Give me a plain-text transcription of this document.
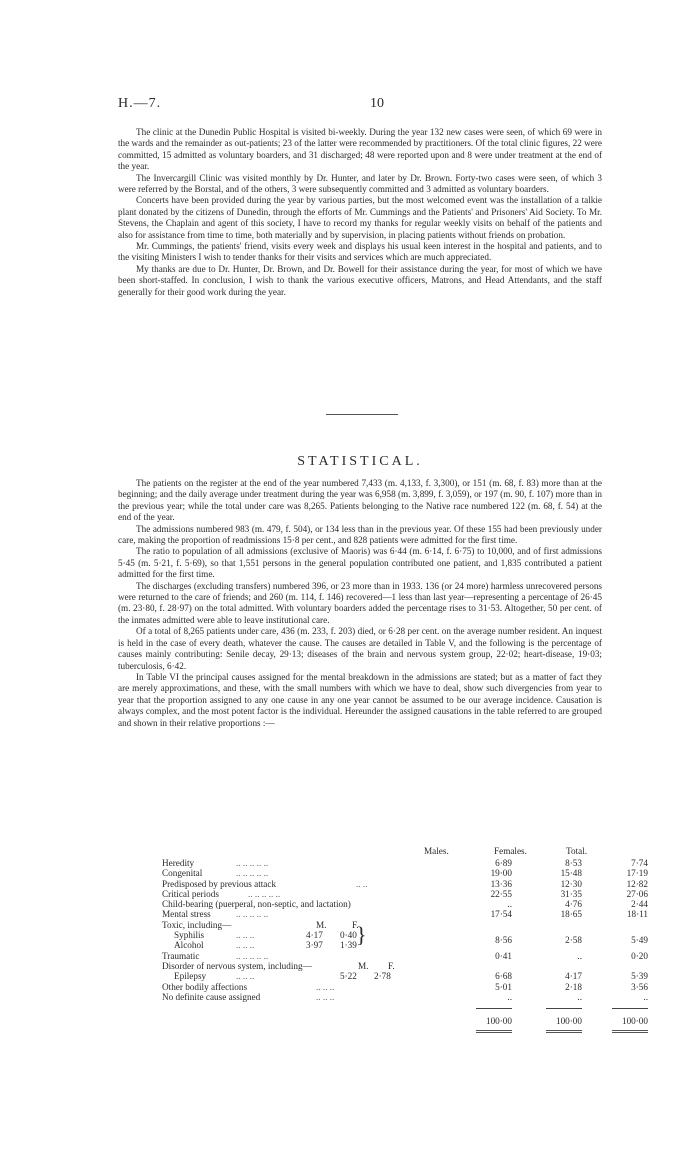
H.—7.	10

The clinic at the Dunedin Public Hospital is visited bi-weekly. During the year 132 new cases were seen, of which 69 were in the wards and the remainder as out-patients; 23 of the latter were recommended by practitioners. Of the total clinic figures, 22 were committed, 15 admitted as voluntary boarders, and 31 discharged; 48 were reported upon and 8 were under treatment at the end of the year.

The Invercargill Clinic was visited monthly by Dr. Hunter, and later by Dr. Brown. Forty-two cases were seen, of which 3 were referred by the Borstal, and of the others, 3 were subsequently committed and 3 admitted as voluntary boarders.

Concerts have been provided during the year by various parties, but the most welcomed event was the installation of a talkie plant donated by the citizens of Dunedin, through the efforts of Mr. Cummings and the Patients' and Prisoners' Aid Society. To Mr. Stevens, the Chaplain and agent of this society, I have to record my thanks for regular weekly visits on behalf of the patients and also for assistance from time to time, both materially and by supervision, in placing patients without friends on probation.

Mr. Cummings, the patients' friend, visits every week and displays his usual keen interest in the hospital and patients, and to the visiting Ministers I wish to tender thanks for their visits and services which are much appreciated.

My thanks are due to Dr. Hunter, Dr. Brown, and Dr. Bowell for their assistance during the year, for most of which we have been short-staffed. In conclusion, I wish to thank the various executive officers, Matrons, and Head Attendants, and the staff generally for their good work during the year.

STATISTICAL.

The patients on the register at the end of the year numbered 7,433 (m. 4,133, f. 3,300), or 151 (m. 68, f. 83) more than at the beginning; and the daily average under treatment during the year was 6,958 (m. 3,899, f. 3,059), or 197 (m. 90, f. 107) more than in the previous year; while the total under care was 8,265. Patients belonging to the Native race numbered 122 (m. 68, f. 54) at the end of the year.

The admissions numbered 983 (m. 479, f. 504), or 134 less than in the previous year. Of these 155 had been previously under care, making the proportion of readmissions 15·8 per cent., and 828 patients were admitted for the first time.

The ratio to population of all admissions (exclusive of Maoris) was 6·44 (m. 6·14, f. 6·75) to 10,000, and of first admissions 5·45 (m. 5·21, f. 5·69), so that 1,551 persons in the general population contributed one patient, and 1,835 contributed a patient admitted for the first time.

The discharges (excluding transfers) numbered 396, or 23 more than in 1933. 136 (or 24 more) harmless unrecovered persons were returned to the care of friends; and 260 (m. 114, f. 146) recovered—1 less than last year—representing a percentage of 26·45 (m. 23·80, f. 28·97) on the total admitted. With voluntary boarders added the percentage rises to 31·53. Altogether, 50 per cent. of the inmates admitted were able to leave institutional care.

Of a total of 8,265 patients under care, 436 (m. 233, f. 203) died, or 6·28 per cent. on the average number resident. An inquest is held in the case of every death, whatever the cause. The causes are detailed in Table V, and the following is the percentage of causes mainly contributing: Senile decay, 29·13; diseases of the brain and nervous system group, 22·02; heart-disease, 19·03; tuberculosis, 6·42.

In Table VI the principal causes assigned for the mental breakdown in the admissions are stated; but as a matter of fact they are merely approximations, and these, with the small numbers with which we have to deal, show such divergencies from year to year that the proportion assigned to any one cause in any one year cannot be assumed to be our average incidence. Causation is always complex, and the most potent factor is the individual. Hereunder the assigned causations in the table referred to are grouped and shown in their relative proportions :—

Males.	Females.	Total.
Heredity	.. .. .. .. ..	6·89	8·53	7·74
Congenital	.. .. .. .. ..	19·00	15·48	17·19
Predisposed by previous attack	.. ..	13·36	12·30	12·82
Critical periods	.. .. .. .. ..	22·55	31·35	27·06
Child-bearing (puerperal, non-septic, and lactation)	..	4·76	2·44
Mental stress	.. .. .. .. ..	17·54	18·65	18·11
Toxic, including—	M.	F.
Syphilis	.. .. ..	4·17 0·40
Alcohol	.. .. ..	3·97 1·39 }	8·56	2·58	5·49
Traumatic	.. .. .. .. ..	0·41	..	0·20
Disorder of nervous system, including—	M. F.
Epilepsy	.. .. ..	5·22 2·78	6·68	4·17	5·39
Other bodily affections	.. .. ..	5·01	2·18	3·56
No definite cause assigned	.. .. ..	..	..	..
100·00	100·00	100·00
